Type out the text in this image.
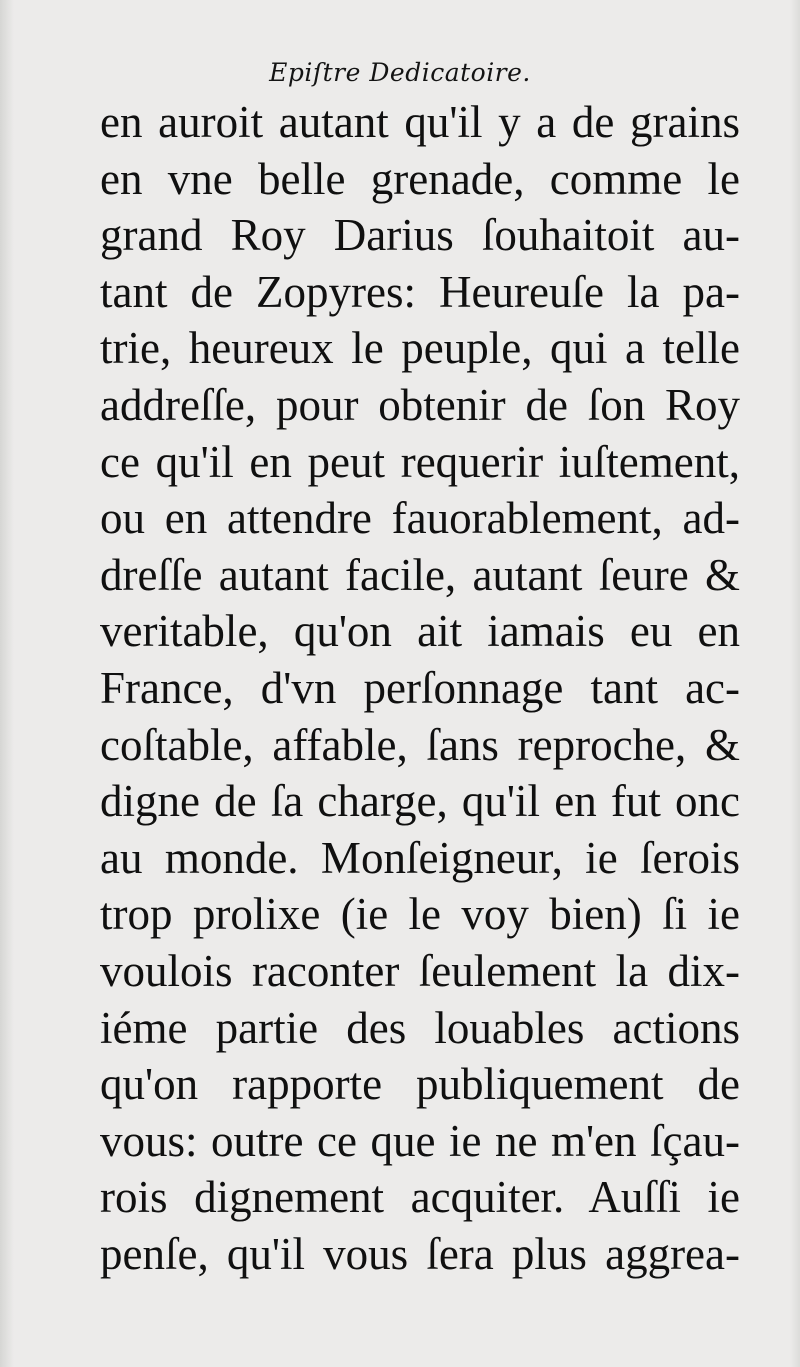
Epiſtre Dedicatoire.
en auroit autant qu'il y a de grains
en vne belle grenade, comme le
grand Roy Darius ſouhaitoit au-
tant de Zopyres: Heureuſe la pa-
trie, heureux le peuple, qui a telle
addreſſe, pour obtenir de ſon Roy
ce qu'il en peut requerir iuſtement,
ou en attendre fauorablement, ad-
dreſſe autant facile, autant ſeure &
veritable, qu'on ait iamais eu en
France, d'vn perſonnage tant ac-
coſtable, affable, ſans reproche, &
digne de ſa charge, qu'il en fut onc
au monde. Monſeigneur, ie ſerois
trop prolixe (ie le voy bien) ſi ie
voulois raconter ſeulement la dix-
iéme partie des louables actions
qu'on rapporte publiquement de
vous: outre ce que ie ne m'en ſçau-
rois dignement acquiter. Auſſi ie
penſe, qu'il vous ſera plus aggrea-
